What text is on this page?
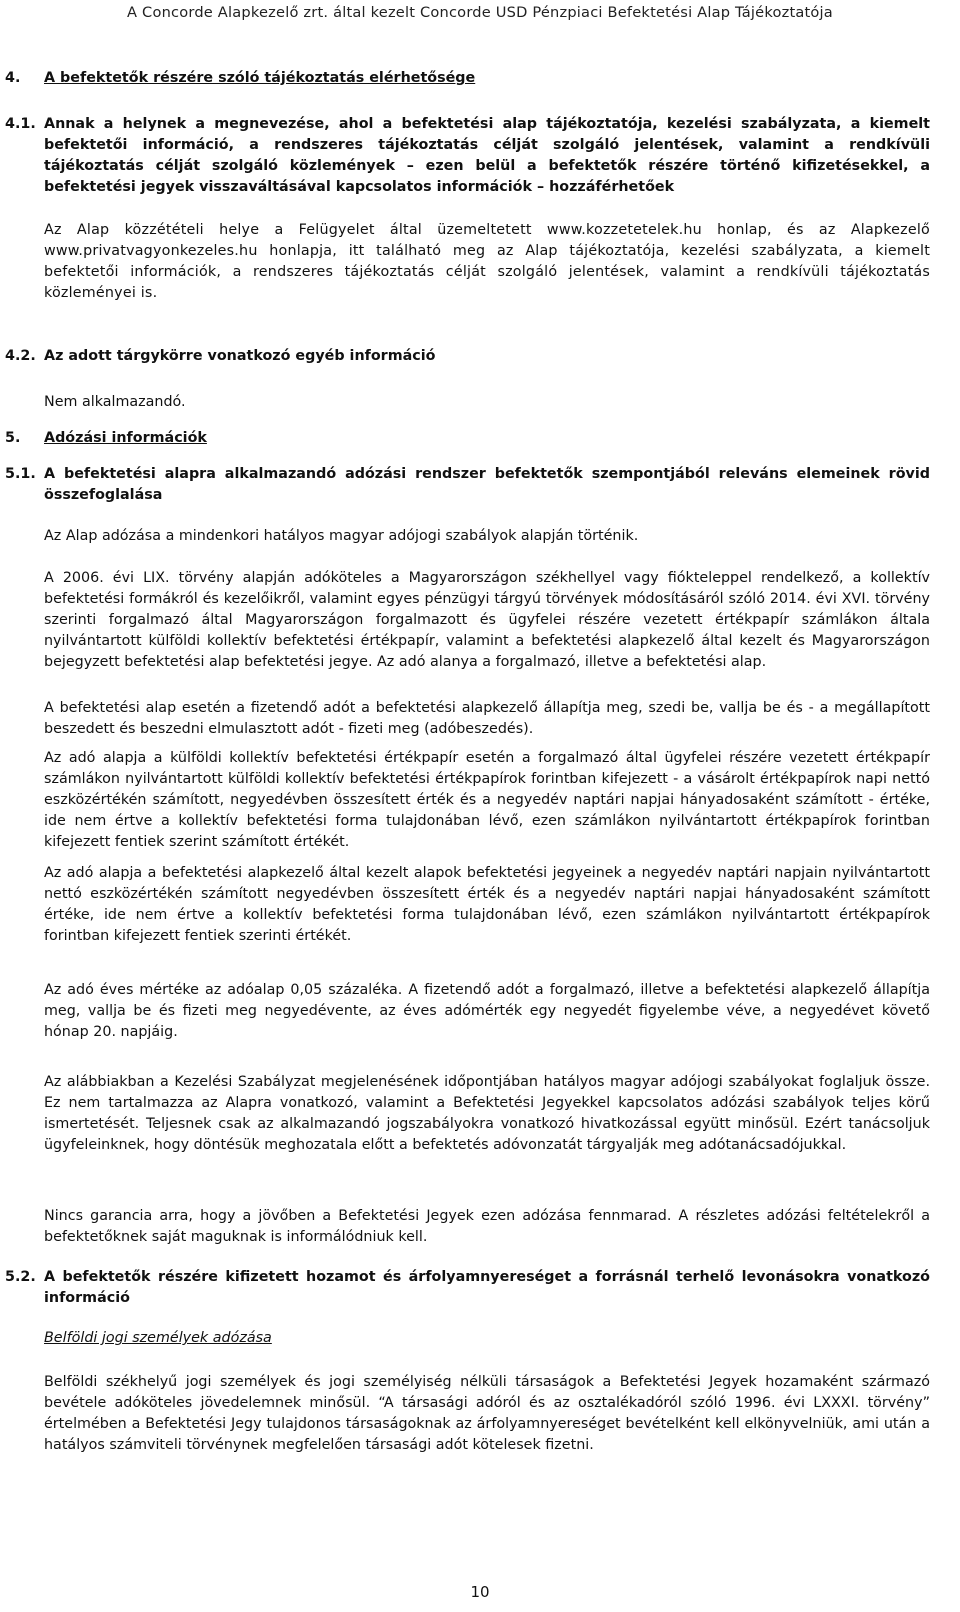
A Concorde Alapkezelő zrt. által kezelt Concorde USD Pénzpiaci Befektetési Alap Tájékoztatója
4. A befektetők részére szóló tájékoztatás elérhetősége
4.1. Annak a helynek a megnevezése, ahol a befektetési alap tájékoztatója, kezelési szabályzata, a kiemelt befektetői információ, a rendszeres tájékoztatás célját szolgáló jelentések, valamint a rendkívüli tájékoztatás célját szolgáló közlemények – ezen belül a befektetők részére történő kifizetésekkel, a befektetési jegyek visszaváltásával kapcsolatos információk – hozzáférhetőek
Az Alap közzétételi helye a Felügyelet által üzemeltetett www.kozzetetelek.hu honlap, és az Alapkezelő www.privatvagyonkezeles.hu honlapja, itt található meg az Alap tájékoztatója, kezelési szabályzata, a kiemelt befektetői információk, a rendszeres tájékoztatás célját szolgáló jelentések, valamint a rendkívüli tájékoztatás közleményei is.
4.2. Az adott tárgykörre vonatkozó egyéb információ
Nem alkalmazandó.
5. Adózási információk
5.1. A befektetési alapra alkalmazandó adózási rendszer befektetők szempontjából releváns elemeinek rövid összefoglalása
Az Alap adózása a mindenkori hatályos magyar adójogi szabályok alapján történik.
A 2006. évi LIX. törvény alapján adóköteles a Magyarországon székhellyel vagy fióktelеppel rendelkező, a kollektív befektetési formákról és kezelőikről, valamint egyes pénzügyi tárgyú törvények módosításáról szóló 2014. évi XVI. törvény szerinti forgalmazó által Magyarországon forgalmazott és ügyfelei részére vezetett értékpapír számlákon általa nyilvántartott külföldi kollektív befektetési értékpapír, valamint a befektetési alapkezelő által kezelt és Magyarországon bejegyzett befektetési alap befektetési jegye. Az adó alanya a forgalmazó, illetve a befektetési alap.
A befektetési alap esetén a fizetendő adót a befektetési alapkezelő állapítja meg, szedi be, vallja be és - a megállapított beszedett és beszedni elmulasztott adót - fizeti meg (adóbeszedés).
Az adó alapja a külföldi kollektív befektetési értékpapír esetén a forgalmazó által ügyfelei részére vezetett értékpapír számlákon nyilvántartott külföldi kollektív befektetési értékpapírok forintban kifejezett - a vásárolt értékpapírok napi nettó eszközértékén számított, negyedévben összesített érték és a negyedév naptári napjai hányadosaként számított - értéke, ide nem értve a kollektív befektetési forma tulajdonában lévő, ezen számlákon nyilvántartott értékpapírok forintban kifejezett fentiek szerint számított értékét.
Az adó alapja a befektetési alapkezelő által kezelt alapok befektetési jegyeinek a negyedév naptári napjain nyilvántartott nettó eszközértékén számított negyedévben összesített érték és a negyedév naptári napjai hányadosaként számított értéke, ide nem értve a kollektív befektetési forma tulajdonában lévő, ezen számlákon nyilvántartott értékpapírok forintban kifejezett fentiek szerinti értékét.
Az adó éves mértéke az adóalap 0,05 százaléka. A fizetendő adót a forgalmazó, illetve a befektetési alapkezelő állapítja meg, vallja be és fizeti meg negyedévente, az éves adómérték egy negyedét figyelembe véve, a negyedévet követő hónap 20. napjáig.
Az alábbiakban a Kezelési Szabályzat megjelenésének időpontjában hatályos magyar adójogi szabályokat foglaljuk össze. Ez nem tartalmazza az Alapra vonatkozó, valamint a Befektetési Jegyekkel kapcsolatos adózási szabályok teljes körű ismertetését. Teljesnek csak az alkalmazandó jogszabályokra vonatkozó hivatkozással együtt minősül. Ezért tanácsoljuk ügyfeleinknek, hogy döntésük meghozatala előtt a befektetés adóvonzatát tárgyalják meg adótanácsadójukkal.
Nincs garancia arra, hogy a jövőben a Befektetési Jegyek ezen adózása fennmarad. A részletes adózási feltételekről a befektetőknek saját maguknak is informálódniuk kell.
5.2. A befektetők részére kifizetett hozamot és árfolyamnyereséget a forrásnál terhelő levonásokra vonatkozó információ
Belföldi jogi személyek adózása
Belföldi székhelyű jogi személyek és jogi személyiség nélküli társaságok a Befektetési Jegyek hozamaként származó bevétele adóköteles jövedelemnek minősül. “A társasági adóról és az osztalékadóról szóló 1996. évi LXXXI. törvény” értelmében a Befektetési Jegy tulajdonos társaságoknak az árfolyamnyereséget bevételként kell elkönyvelniük, ami után a hatályos számviteli törvénynek megfelelően társasági adót kötelesek fizetni.
10
